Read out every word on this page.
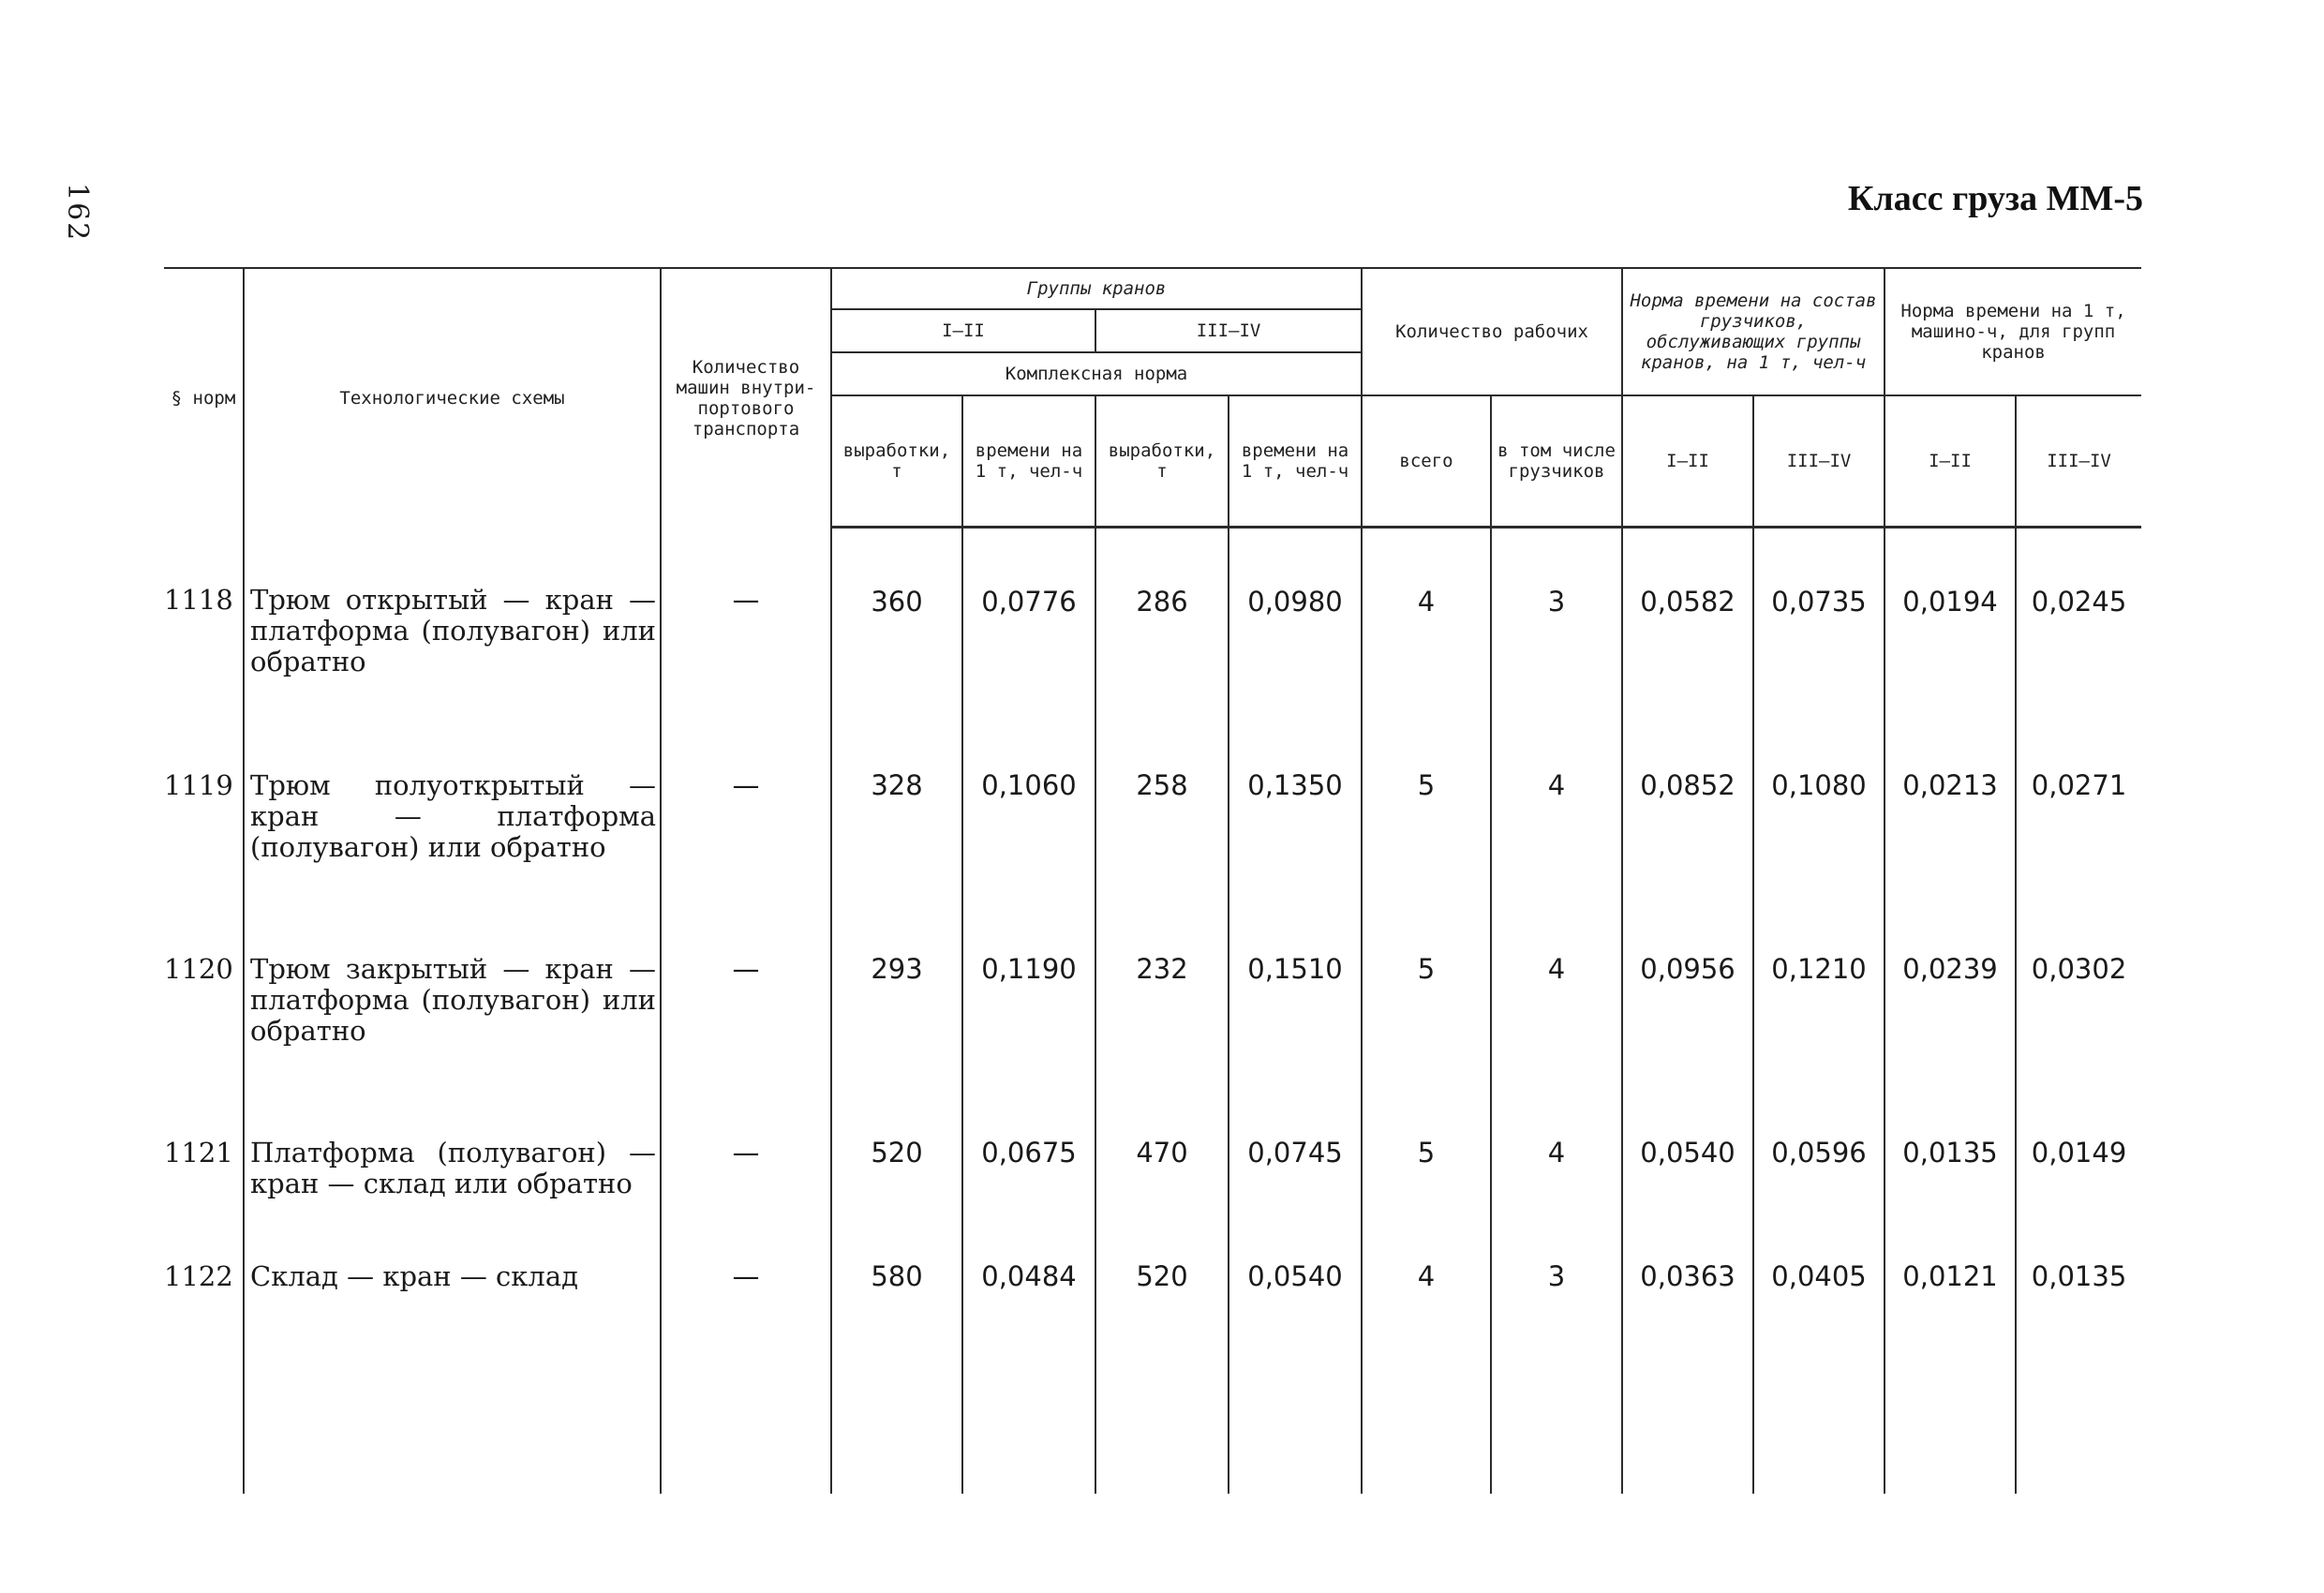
162	Класс груза ММ-5
§ норм	Технологические схемы	Количество машин внутри-портового транспорта	Группы кранов				Количество рабочих		Норма времени на состав грузчиков, обслуживающих группы кранов, на 1 т, чел-ч		Норма времени на 1 т, машино-ч, для групп кранов	
			I—II		III—IV							
			Комплексная норма									
			выработки, т	времени на 1 т, чел-ч	выработки, т	времени на 1 т, чел-ч	всего	в том числе грузчиков	I—II	III—IV	I—II	III—IV
1118	Трюм открытый — кран — платформа (полувагон) или обратно	—	360	0,0776	286	0,0980	4	3	0,0582	0,0735	0,0194	0,0245
1119	Трюм полуоткрытый — кран — платформа (полувагон) или обратно	—	328	0,1060	258	0,1350	5	4	0,0852	0,1080	0,0213	0,0271
1120	Трюм закрытый — кран — платформа (полувагон) или обратно	—	293	0,1190	232	0,1510	5	4	0,0956	0,1210	0,0239	0,0302
1121	Платформа (полувагон) — кран — склад или обратно	—	520	0,0675	470	0,0745	5	4	0,0540	0,0596	0,0135	0,0149
1122	Склад — кран — склад	—	580	0,0484	520	0,0540	4	3	0,0363	0,0405	0,0121	0,0135
